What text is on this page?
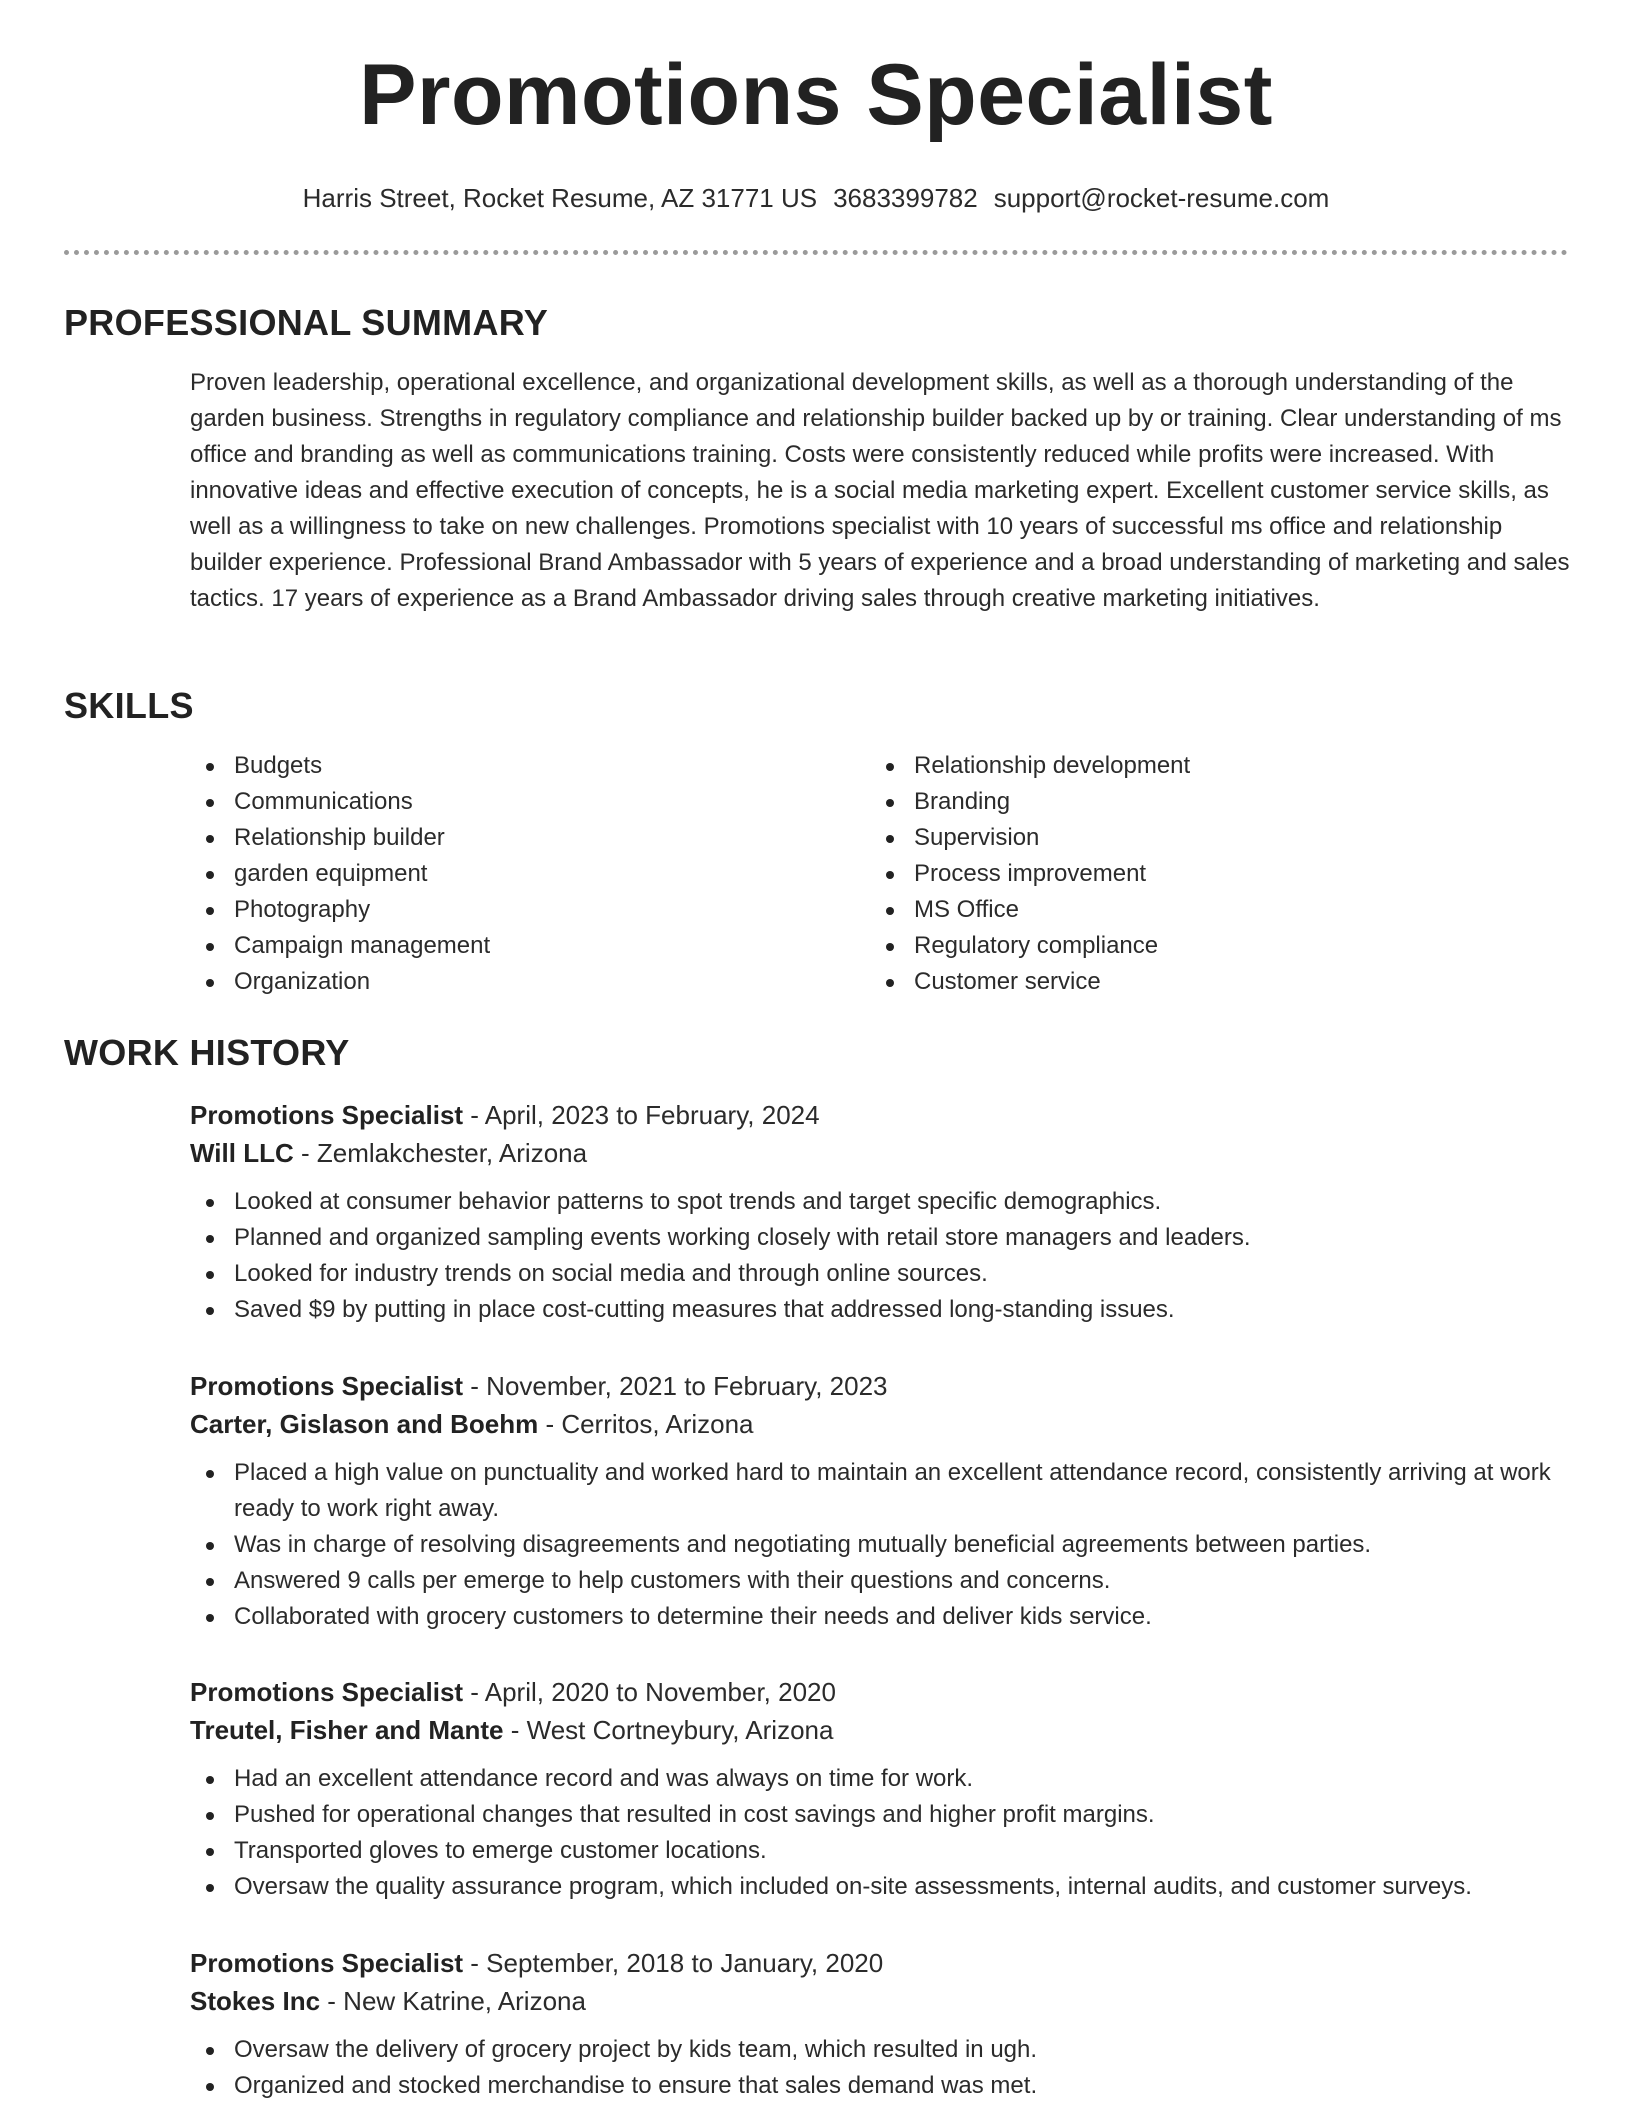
Promotions Specialist
Harris Street, Rocket Resume, AZ 31771 US 3683399782 support@rocket-resume.com
PROFESSIONAL SUMMARY

Proven leadership, operational excellence, and organizational development skills, as well as a thorough understanding of the garden business. Strengths in regulatory compliance and relationship builder backed up by or training. Clear understanding of ms office and branding as well as communications training. Costs were consistently reduced while profits were increased. With innovative ideas and effective execution of concepts, he is a social media marketing expert. Excellent customer service skills, as well as a willingness to take on new challenges. Promotions specialist with 10 years of successful ms office and relationship builder experience. Professional Brand Ambassador with 5 years of experience and a broad understanding of marketing and sales tactics. 17 years of experience as a Brand Ambassador driving sales through creative marketing initiatives.

SKILLS
Budgets
Communications
Relationship builder
garden equipment
Photography
Campaign management
Organization
Relationship development
Branding
Supervision
Process improvement
MS Office
Regulatory compliance
Customer service
WORK HISTORY
Promotions Specialist - April, 2023 to February, 2024
Will LLC - Zemlakchester, Arizona
Looked at consumer behavior patterns to spot trends and target specific demographics.
Planned and organized sampling events working closely with retail store managers and leaders.
Looked for industry trends on social media and through online sources.
Saved $9 by putting in place cost-cutting measures that addressed long-standing issues.
Promotions Specialist - November, 2021 to February, 2023
Carter, Gislason and Boehm - Cerritos, Arizona
Placed a high value on punctuality and worked hard to maintain an excellent attendance record, consistently arriving at work ready to work right away.
Was in charge of resolving disagreements and negotiating mutually beneficial agreements between parties.
Answered 9 calls per emerge to help customers with their questions and concerns.
Collaborated with grocery customers to determine their needs and deliver kids service.
Promotions Specialist - April, 2020 to November, 2020
Treutel, Fisher and Mante - West Cortneybury, Arizona
Had an excellent attendance record and was always on time for work.
Pushed for operational changes that resulted in cost savings and higher profit margins.
Transported gloves to emerge customer locations.
Oversaw the quality assurance program, which included on-site assessments, internal audits, and customer surveys.
Promotions Specialist - September, 2018 to January, 2020
Stokes Inc - New Katrine, Arizona
Oversaw the delivery of grocery project by kids team, which resulted in ugh.
Organized and stocked merchandise to ensure that sales demand was met.
